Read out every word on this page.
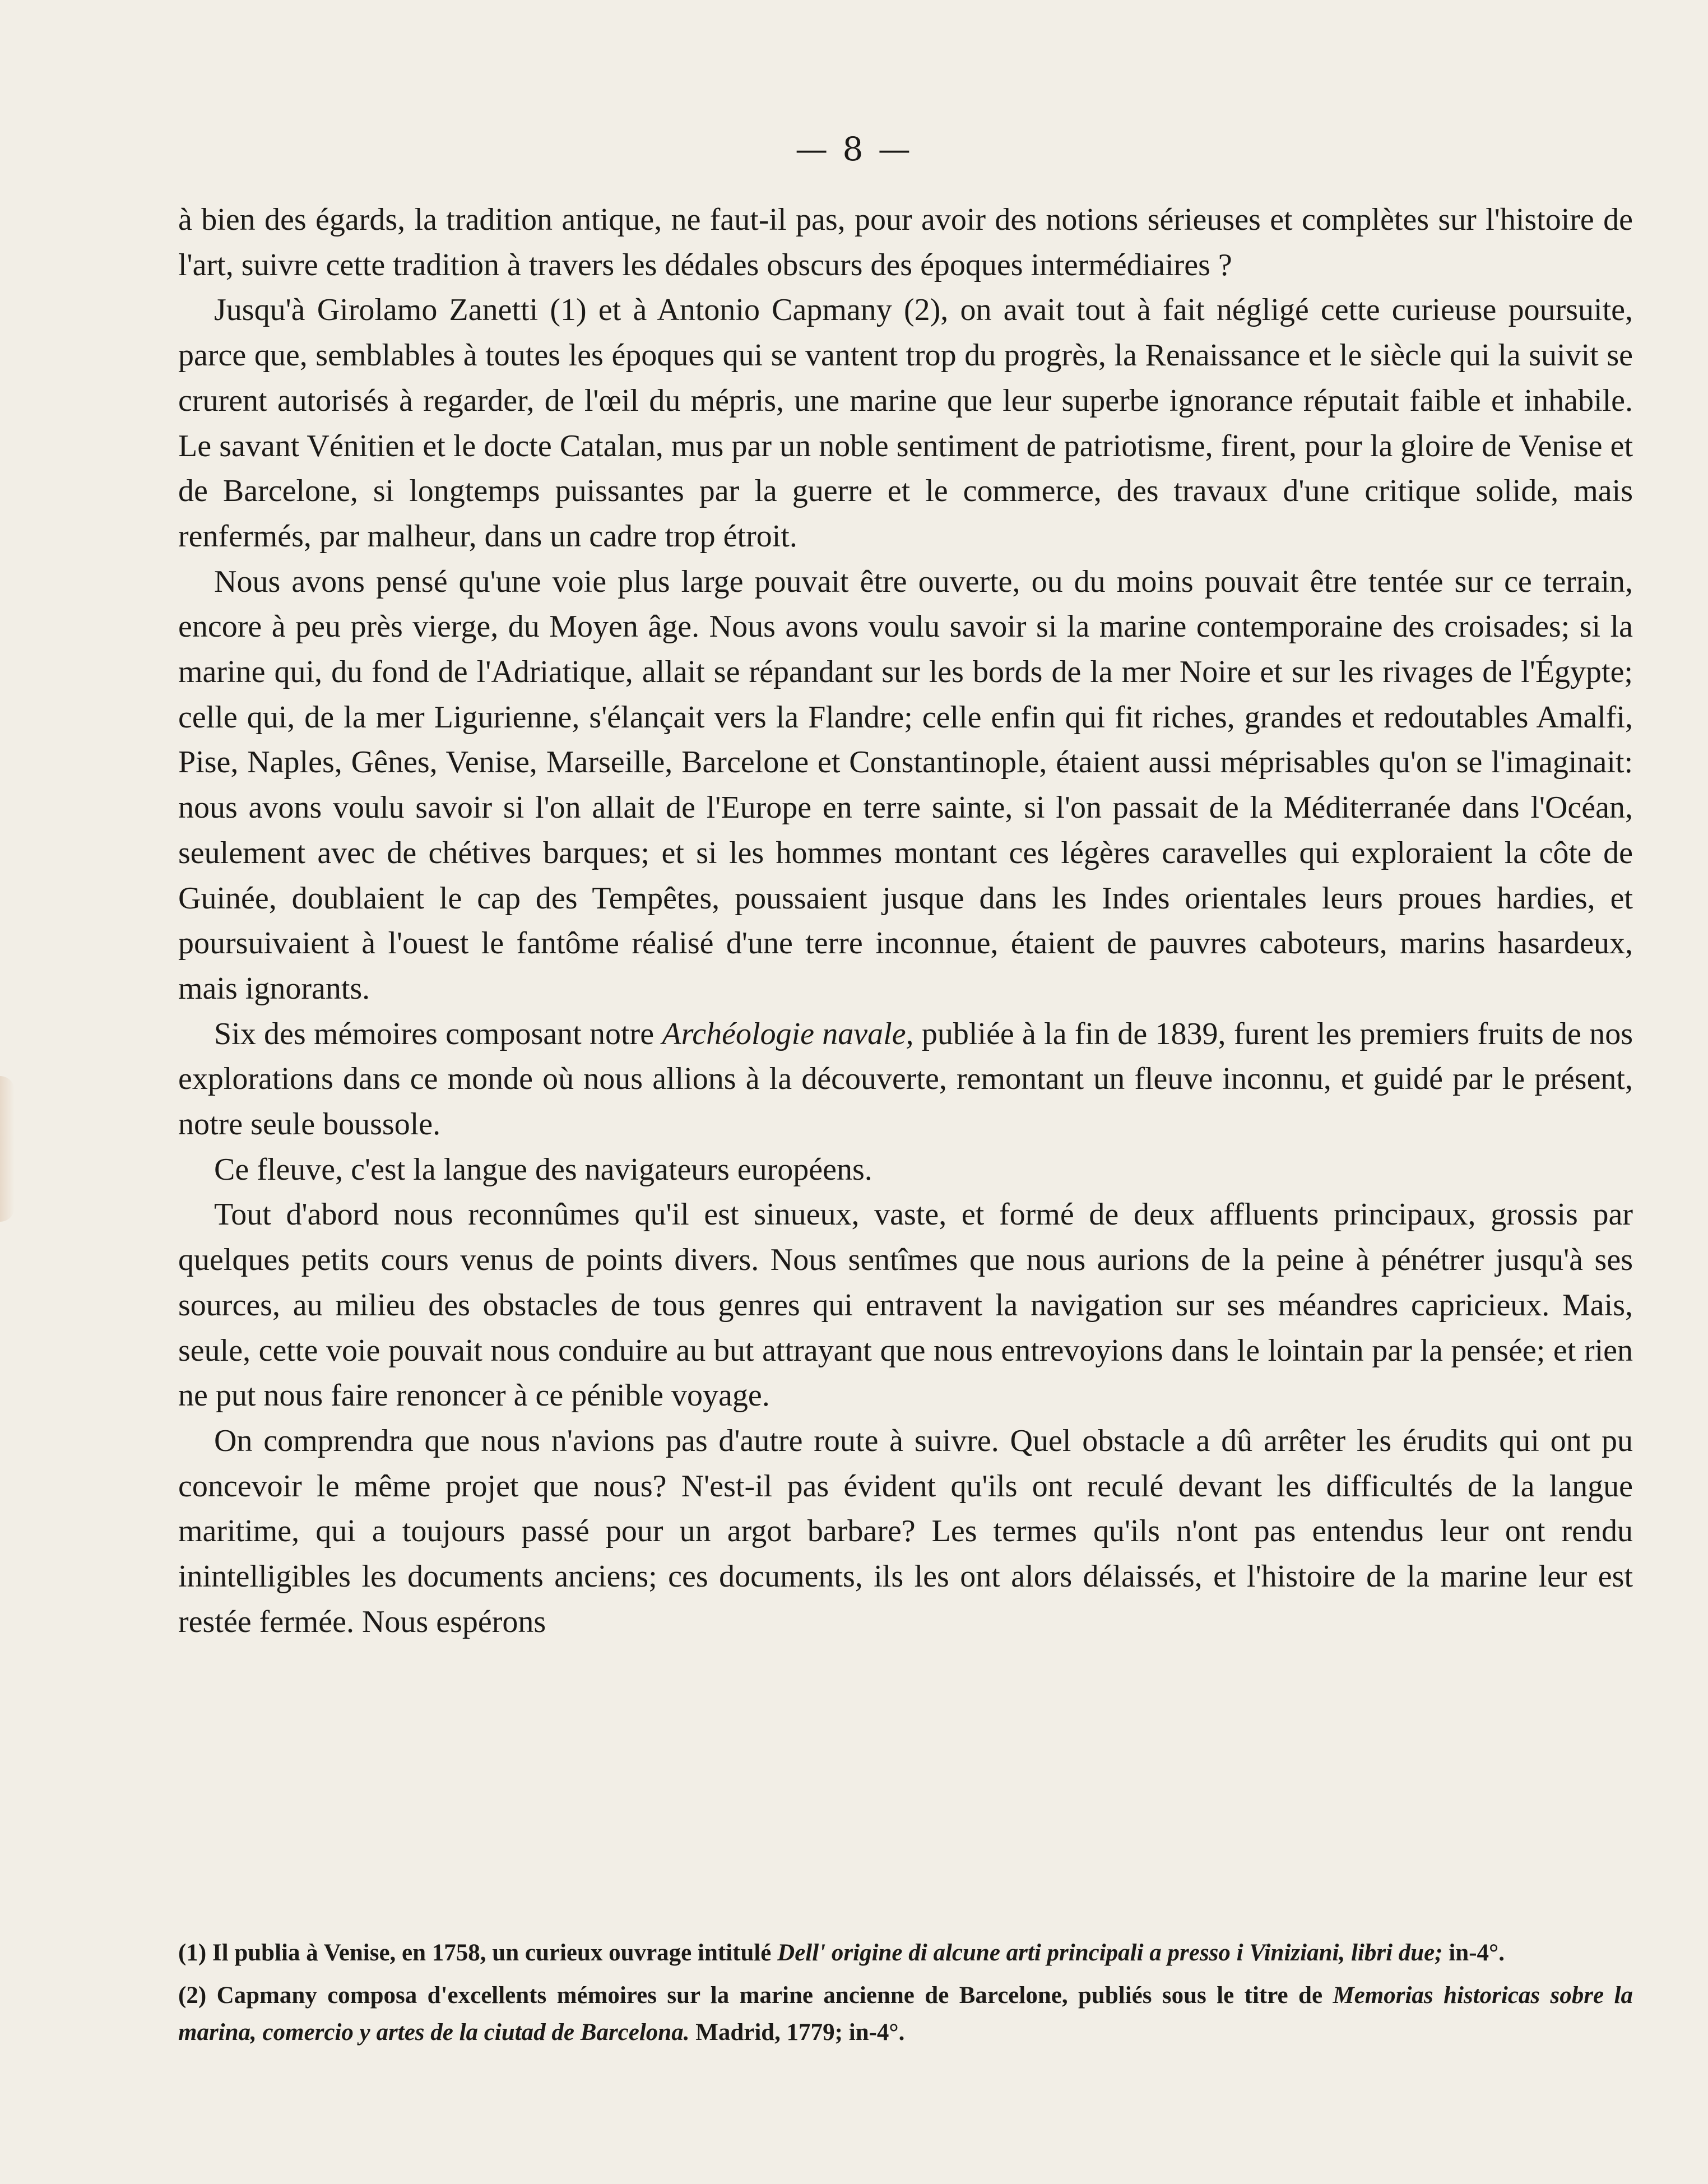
— 8 —

à bien des égards, la tradition antique, ne faut-il pas, pour avoir des notions sérieuses et complètes sur l'histoire de l'art, suivre cette tradition à travers les dédales obscurs des époques intermédiaires ?

Jusqu'à Girolamo Zanetti (1) et à Antonio Capmany (2), on avait tout à fait négligé cette curieuse poursuite, parce que, semblables à toutes les époques qui se vantent trop du progrès, la Renaissance et le siècle qui la suivit se crurent autorisés à regarder, de l'œil du mépris, une marine que leur superbe ignorance réputait faible et inhabile. Le savant Vénitien et le docte Catalan, mus par un noble sentiment de patriotisme, firent, pour la gloire de Venise et de Barcelone, si longtemps puissantes par la guerre et le commerce, des travaux d'une critique solide, mais renfermés, par malheur, dans un cadre trop étroit.

Nous avons pensé qu'une voie plus large pouvait être ouverte, ou du moins pouvait être tentée sur ce terrain, encore à peu près vierge, du Moyen âge. Nous avons voulu savoir si la marine contemporaine des croisades; si la marine qui, du fond de l'Adriatique, allait se répandant sur les bords de la mer Noire et sur les rivages de l'Égypte; celle qui, de la mer Ligurienne, s'élançait vers la Flandre; celle enfin qui fit riches, grandes et redoutables Amalfi, Pise, Naples, Gênes, Venise, Marseille, Barcelone et Constantinople, étaient aussi méprisables qu'on se l'imaginait: nous avons voulu savoir si l'on allait de l'Europe en terre sainte, si l'on passait de la Méditerranée dans l'Océan, seulement avec de chétives barques; et si les hommes montant ces légères caravelles qui exploraient la côte de Guinée, doublaient le cap des Tempêtes, poussaient jusque dans les Indes orientales leurs proues hardies, et poursuivaient à l'ouest le fantôme réalisé d'une terre inconnue, étaient de pauvres caboteurs, marins hasardeux, mais ignorants.

Six des mémoires composant notre Archéologie navale, publiée à la fin de 1839, furent les premiers fruits de nos explorations dans ce monde où nous allions à la découverte, remontant un fleuve inconnu, et guidé par le présent, notre seule boussole.

Ce fleuve, c'est la langue des navigateurs européens.

Tout d'abord nous reconnûmes qu'il est sinueux, vaste, et formé de deux affluents principaux, grossis par quelques petits cours venus de points divers. Nous sentîmes que nous aurions de la peine à pénétrer jusqu'à ses sources, au milieu des obstacles de tous genres qui entravent la navigation sur ses méandres capricieux. Mais, seule, cette voie pouvait nous conduire au but attrayant que nous entrevoyions dans le lointain par la pensée; et rien ne put nous faire renoncer à ce pénible voyage.

On comprendra que nous n'avions pas d'autre route à suivre. Quel obstacle a dû arrêter les érudits qui ont pu concevoir le même projet que nous? N'est-il pas évident qu'ils ont reculé devant les difficultés de la langue maritime, qui a toujours passé pour un argot barbare? Les termes qu'ils n'ont pas entendus leur ont rendu inintelligibles les documents anciens; ces documents, ils les ont alors délaissés, et l'histoire de la marine leur est restée fermée. Nous espérons

(1) Il publia à Venise, en 1758, un curieux ouvrage intitulé Dell' origine di alcune arti principali a presso i Viniziani, libri due; in-4°.

(2) Capmany composa d'excellents mémoires sur la marine ancienne de Barcelone, publiés sous le titre de Memorias historicas sobre la marina, comercio y artes de la ciutad de Barcelona. Madrid, 1779; in-4°.
